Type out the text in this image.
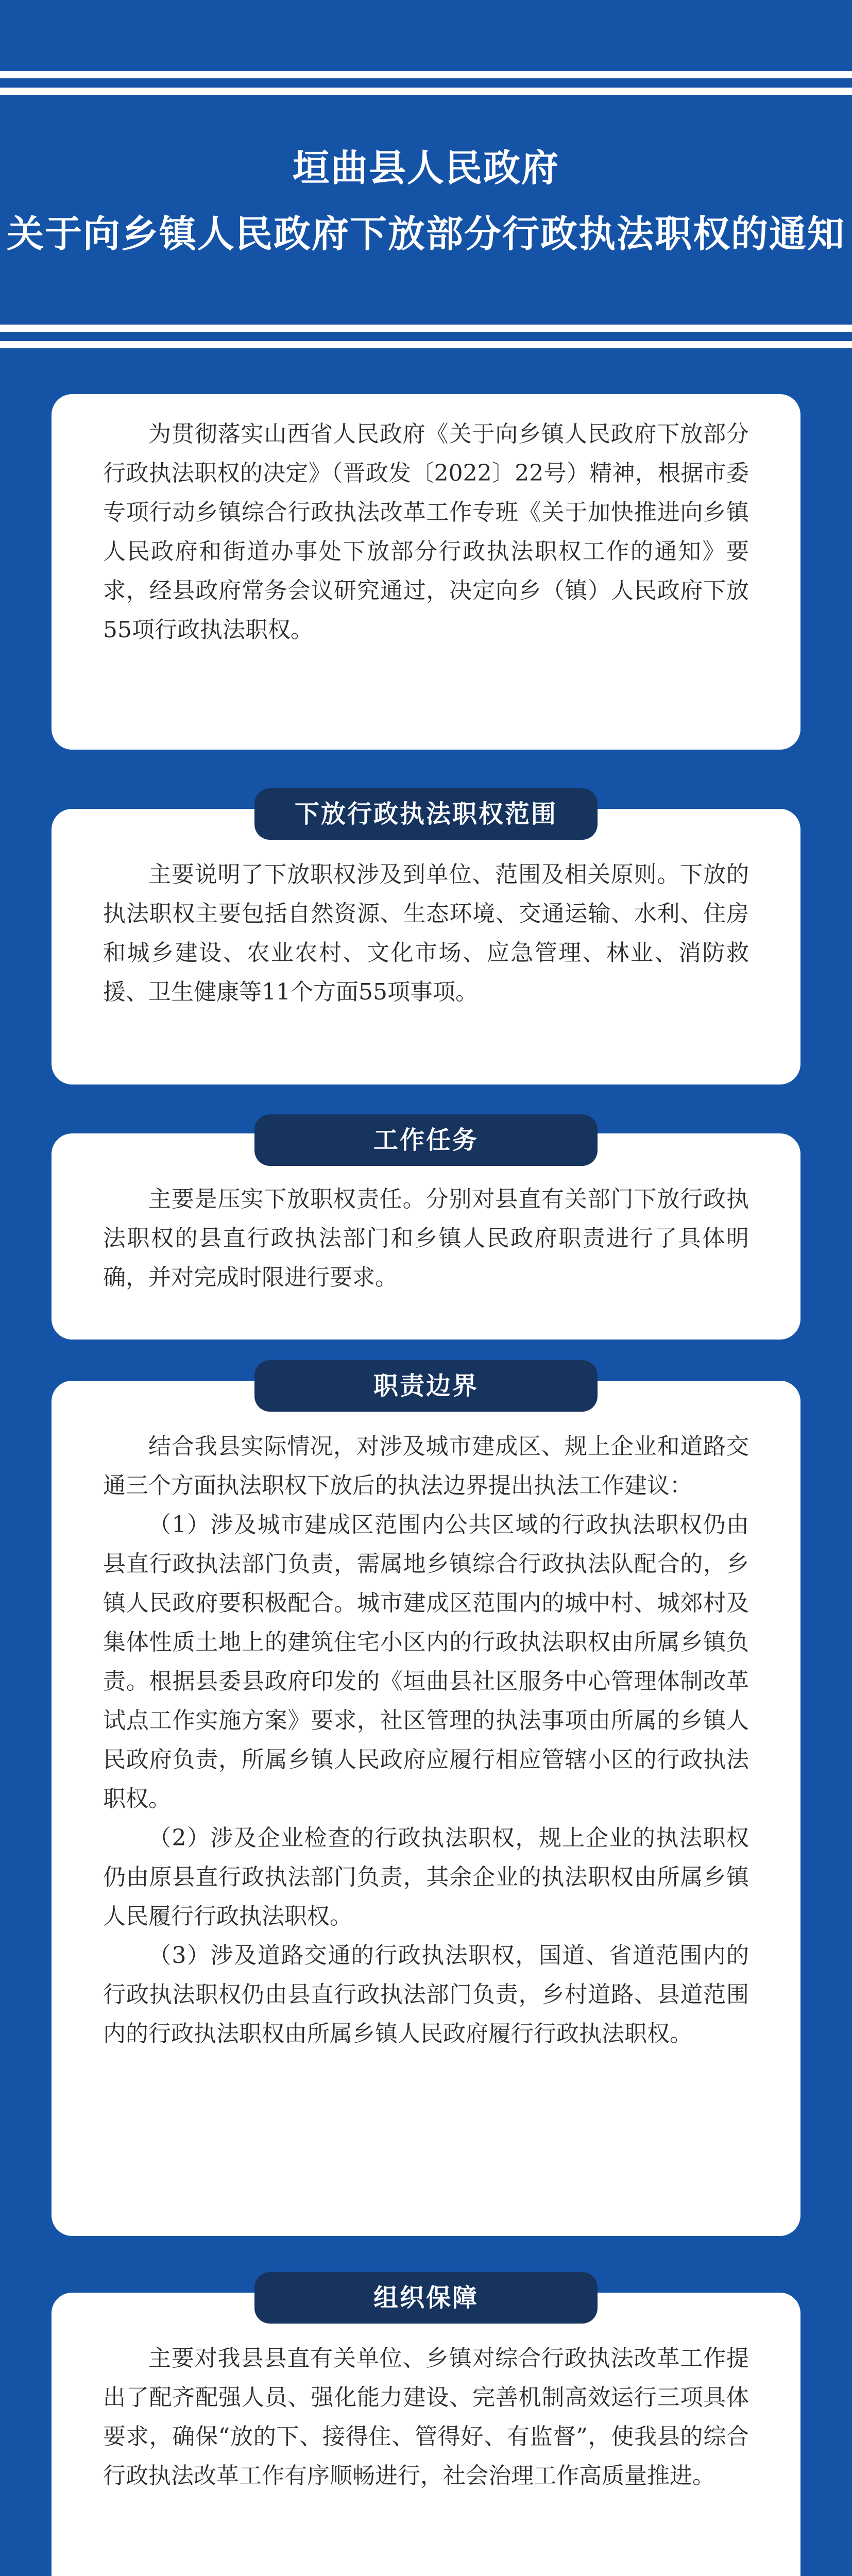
垣曲县人民政府
关于向乡镇人民政府下放部分行政执法职权的通知

为贯彻落实山西省人民政府《关于向乡镇人民政府下放部分行政执法职权的决定》（晋政发〔2022〕22号）精神，根据市委专项行动乡镇综合行政执法改革工作专班《关于加快推进向乡镇人民政府和街道办事处下放部分行政执法职权工作的通知》要求，经县政府常务会议研究通过，决定向乡（镇）人民政府下放55项行政执法职权。

下放行政执法职权范围

主要说明了下放职权涉及到单位、范围及相关原则。下放的执法职权主要包括自然资源、生态环境、交通运输、水利、住房和城乡建设、农业农村、文化市场、应急管理、林业、消防救援、卫生健康等11个方面55项事项。

工作任务

主要是压实下放职权责任。分别对县直有关部门下放行政执法职权的县直行政执法部门和乡镇人民政府职责进行了具体明确，并对完成时限进行要求。

职责边界

结合我县实际情况，对涉及城市建成区、规上企业和道路交通三个方面执法职权下放后的执法边界提出执法工作建议：

（1）涉及城市建成区范围内公共区域的行政执法职权仍由县直行政执法部门负责，需属地乡镇综合行政执法队配合的，乡镇人民政府要积极配合。城市建成区范围内的城中村、城郊村及集体性质土地上的建筑住宅小区内的行政执法职权由所属乡镇负责。根据县委县政府印发的《垣曲县社区服务中心管理体制改革试点工作实施方案》要求，社区管理的执法事项由所属的乡镇人民政府负责，所属乡镇人民政府应履行相应管辖小区的行政执法职权。

（2）涉及企业检查的行政执法职权，规上企业的执法职权仍由原县直行政执法部门负责，其余企业的执法职权由所属乡镇人民履行行政执法职权。

（3）涉及道路交通的行政执法职权，国道、省道范围内的行政执法职权仍由县直行政执法部门负责，乡村道路、县道范围内的行政执法职权由所属乡镇人民政府履行行政执法职权。

组织保障

主要对我县县直有关单位、乡镇对综合行政执法改革工作提出了配齐配强人员、强化能力建设、完善机制高效运行三项具体要求，确保“放的下、接得住、管得好、有监督”，使我县的综合行政执法改革工作有序顺畅进行，社会治理工作高质量推进。
